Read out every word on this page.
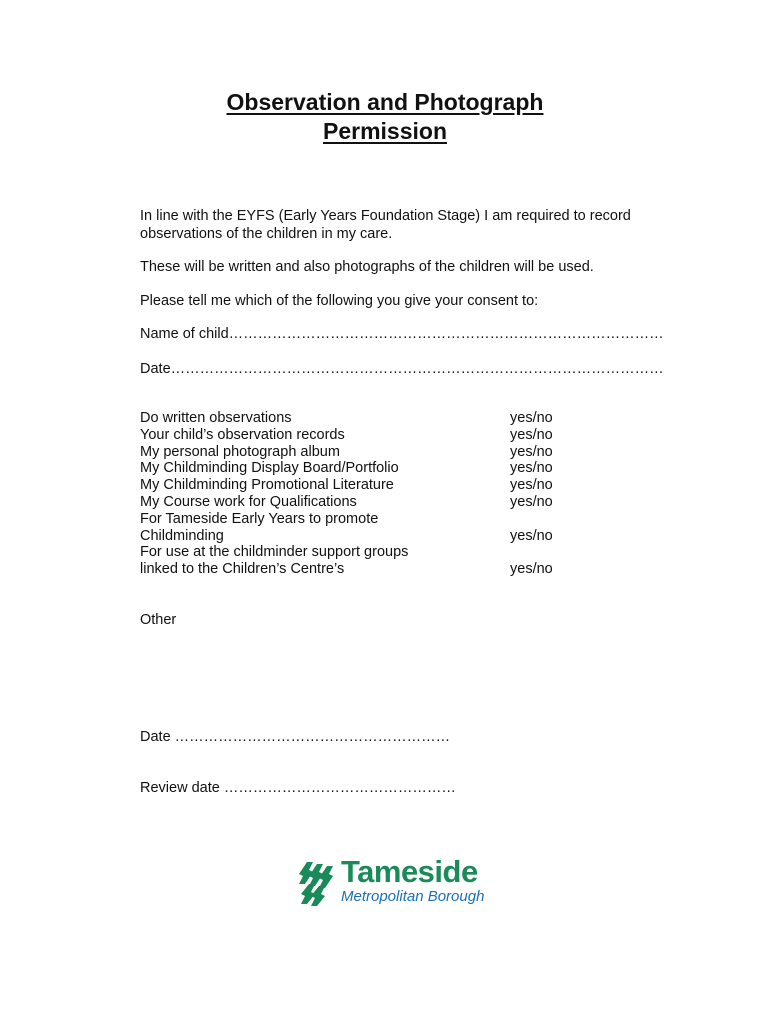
Observation and Photograph
Permission

In line with the EYFS (Early Years Foundation Stage) I am required to record observations of the children in my care.

These will be written and also photographs of the children will be used.

Please tell me which of the following you give your consent to:

Name of child………………………………………………………………………………
Date…………………………………………………………………………………………
Do written observations	yes/no
Your child’s observation records	yes/no
My personal photograph album	yes/no
My Childminding Display Board/Portfolio	yes/no
My Childminding Promotional Literature	yes/no
My Course work for Qualifications	yes/no
For Tameside Early Years to promote Childminding	yes/no
For use at the childminder support groups linked to the Children’s Centre’s	yes/no
Other
Date …………………………………………………
Review date …………………………………………
Tameside
Metropolitan Borough
